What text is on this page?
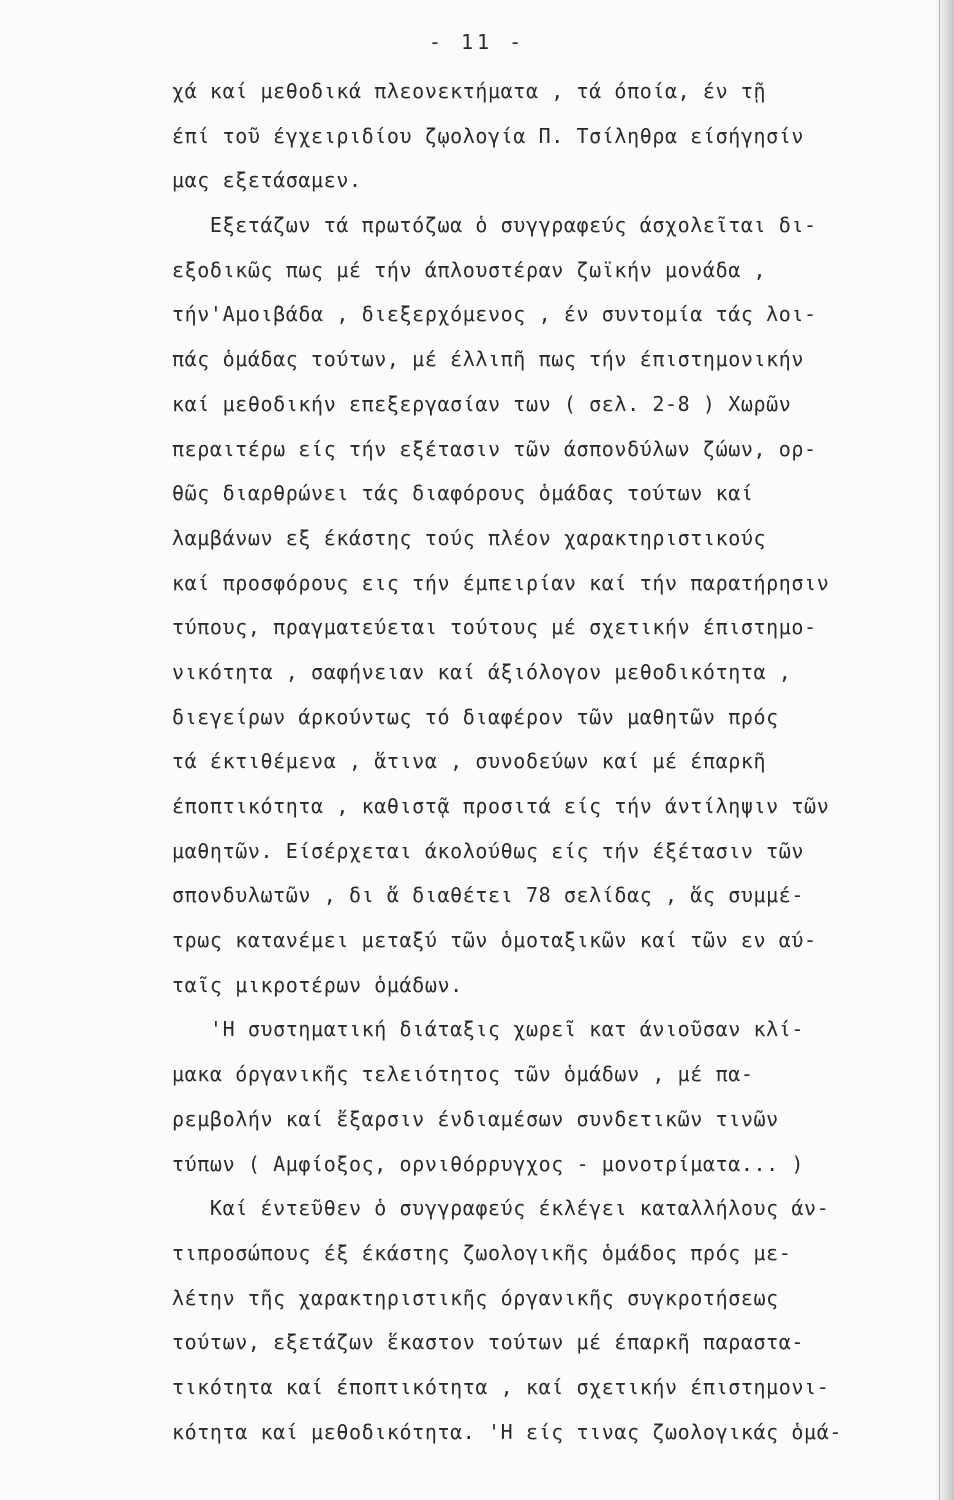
- 11 -
χά καί μεθοδικά πλεονεκτήματα , τά όποία, έν τῇ
έπί τοῦ έγχειριδίου ζῳολογία Π. Τσίληθρα είσήγησίν
μας εξετάσαμεν.
Εξετάζων τά πρωτόζωα ὁ συγγραφεύς άσχολεῖται δι-
εξοδικῶς πως μέ τήν άπλουστέραν ζωϊκήν μονάδα ,
τήν'Αμοιβάδα , διεξερχόμενος , έν συντομία τάς λοι-
πάς ὁμάδας τούτων, μέ έλλιπῆ πως τήν έπιστημονικήν
καί μεθοδικήν επεξεργασίαν των ( σελ. 2-8 ) Χωρῶν
περαιτέρω είς τήν εξέτασιν τῶν άσπονδύλων ζώων, ορ-
θῶς διαρθρώνει τάς διαφόρους ὁμάδας τούτων καί
λαμβάνων εξ έκάστης τούς πλέον χαρακτηριστικούς
καί προσφόρους εις τήν έμπειρίαν καί τήν παρατήρησιν
τύπους, πραγματεύεται τούτους μέ σχετικήν έπιστημο-
νικότητα , σαφήνειαν καί άξιόλογον μεθοδικότητα ,
διεγείρων άρκούντως τό διαφέρον τῶν μαθητῶν πρός
τά έκτιθέμενα , ἅτινα , συνοδεύων καί μέ έπαρκῆ
έποπτικότητα , καθιστᾷ προσιτά είς τήν άντίληψιν τῶν
μαθητῶν. Είσέρχεται άκολούθως είς τήν έξέτασιν τῶν
σπονδυλωτῶν , δι ἅ διαθέτει 78 σελίδας , ἅς συμμέ-
τρως κατανέμει μεταξύ τῶν ὁμοταξικῶν καί τῶν εν αύ-
ταῖς μικροτέρων ὁμάδων.
'Η συστηματική διάταξις χωρεῖ κατ άνιοῦσαν κλί-
μακα όργανικῆς τελειότητος τῶν ὁμάδων , μέ πα-
ρεμβολήν καί ἔξαρσιν ένδιαμέσων συνδετικῶν τινῶν
τύπων ( Αμφίοξος, ορνιθόρρυγχος - μονοτρίματα... )
Καί έντεῦθεν ὁ συγγραφεύς έκλέγει καταλλήλους άν-
τιπροσώπους έξ έκάστης ζωολογικῆς ὁμάδος πρός με-
λέτην τῆς χαρακτηριστικῆς όργανικῆς συγκροτήσεως
τούτων, εξετάζων ἕκαστον τούτων μέ έπαρκῆ παραστα-
τικότητα καί έποπτικότητα , καί σχετικήν έπιστημονι-
κότητα καί μεθοδικότητα. 'Η είς τινας ζωολογικάς ὁμά-
